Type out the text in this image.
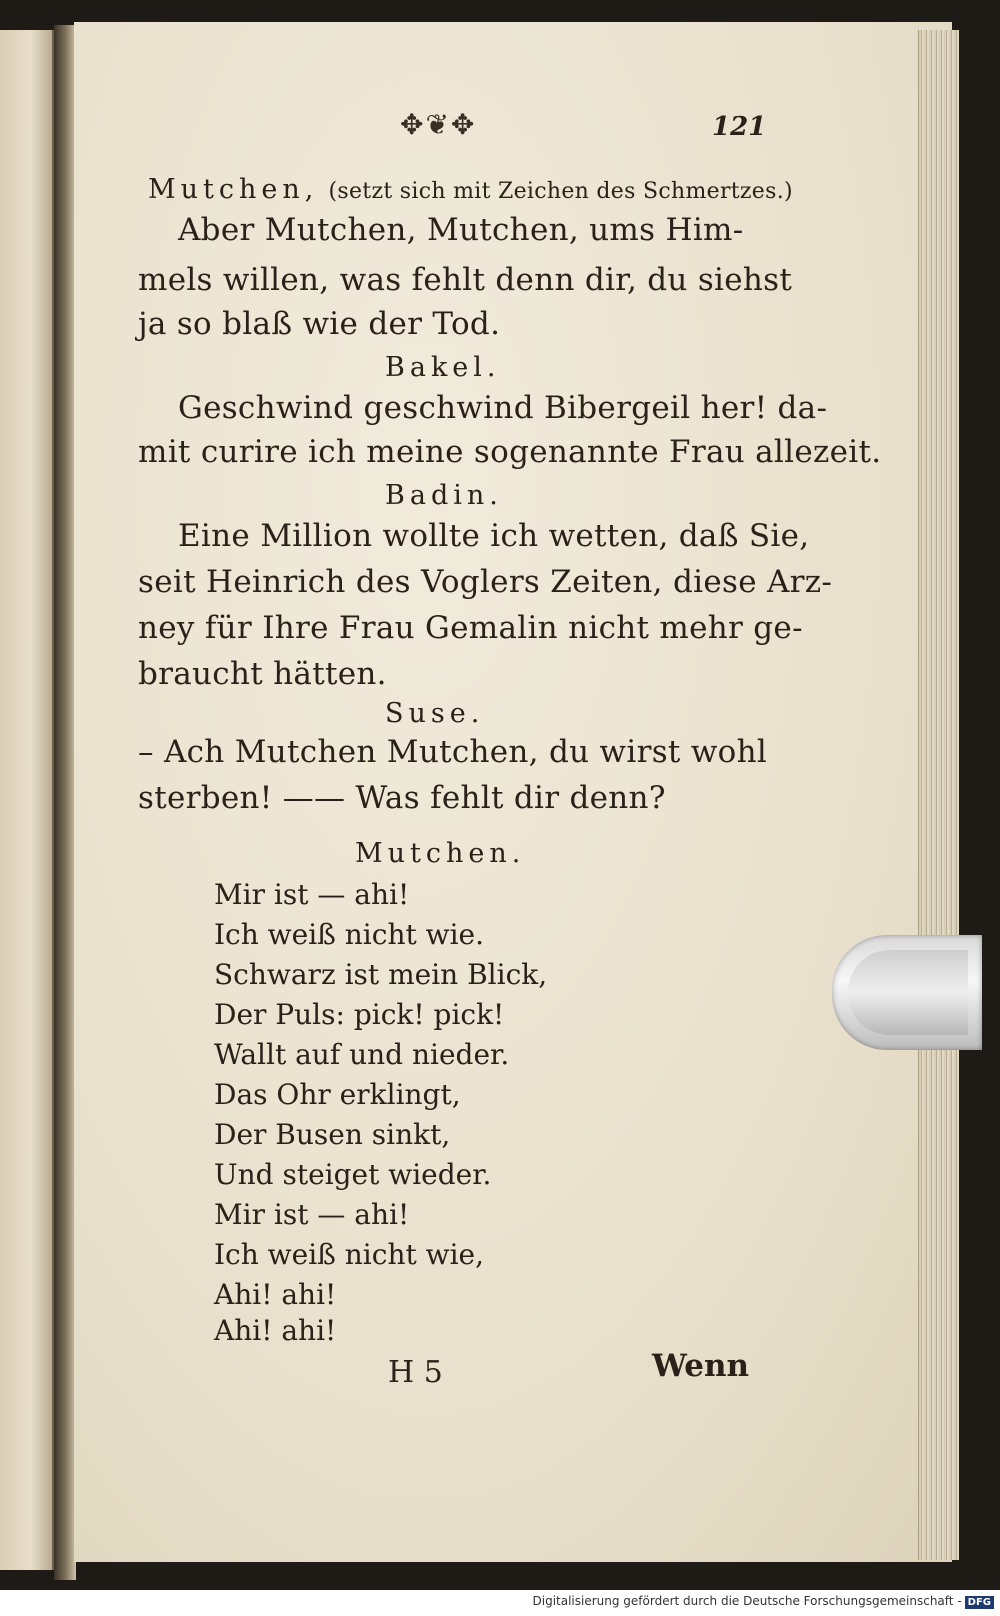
✥❦✥	121
Mutchen, (setzt sich mit Zeichen des Schmertzes.)
Aber Mutchen, Mutchen, ums Him-
mels willen, was fehlt denn dir, du siehst
ja so blaß wie der Tod.
Bakel.
Geschwind geschwind Bibergeil her! da-
mit curire ich meine sogenannte Frau allezeit.
Badin.
Eine Million wollte ich wetten, daß Sie,
seit Heinrich des Voglers Zeiten, diese Arz-
ney für Ihre Frau Gemalin nicht mehr ge-
braucht hätten.
Suse.
– Ach Mutchen Mutchen, du wirst wohl
sterben! —— Was fehlt dir denn?
Mutchen.
Mir ist — ahi!
Ich weiß nicht wie.
Schwarz ist mein Blick,
Der Puls: pick! pick!
Wallt auf und nieder.
Das Ohr erklingt,
Der Busen sinkt,
Und steiget wieder.
Mir ist — ahi!
Ich weiß nicht wie,
Ahi! ahi!
Ahi! ahi!
H 5	Wenn
Digitalisierung gefördert durch die Deutsche Forschungsgemeinschaft - DFG
